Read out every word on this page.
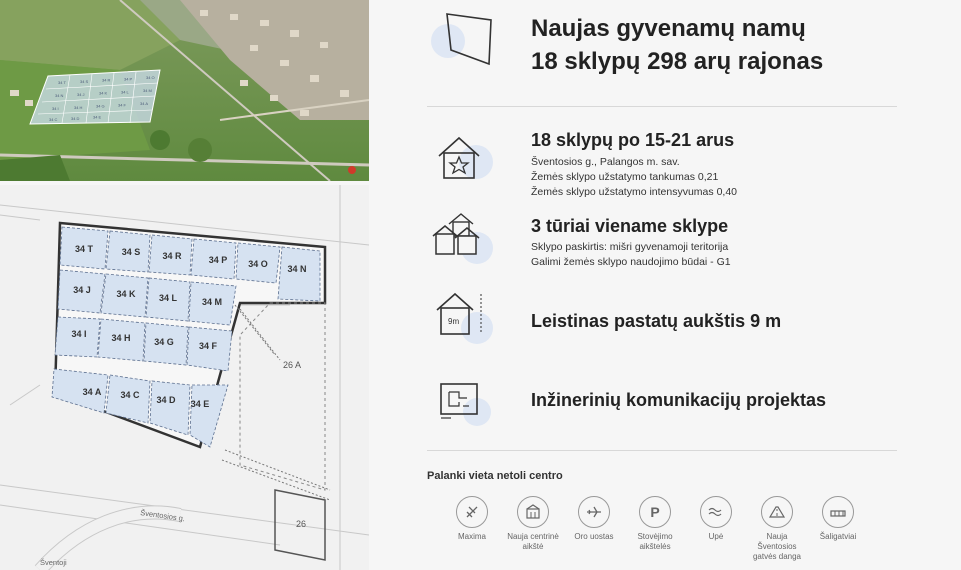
34 T	34 S	34 R	34 P	34 O
34 N	34 J	34 K	34 L	34 M
34 I	34 H	34 G	34 F	34 A
34 C	34 D	34 E
34 T	34 S 34 R	34 P 34 O 34 N
34 J	34 K	34 L	34 M
34 I	34 H	34 G	34 F
34 A 34 C 34 D 34 E
26 A
26
Šventosios g.
Šventoji
Naujas gyvenamų namų
18 sklypų 298 arų rajonas
18 sklypų po 15-21 arus
Šventosios g., Palangos m. sav.
Žemės sklypo užstatymo tankumas 0,21
Žemės sklypo užstatymo intensyvumas 0,40
3 tūriai viename sklype
Sklypo paskirtis: mišri gyvenamoji teritorija
Galimi žemės sklypo naudojimo būdai - G1
9m	Leistinas pastatų aukštis 9 m
Inžinerinių komunikacijų projektas
Palanki vieta netoli centro
Maxima	Nauja centrinė aikštė
Oro uostas
P
Stovėjimo aikštelės
Upė	Nauja Šventosios gatvės danga
Šaligatviai
